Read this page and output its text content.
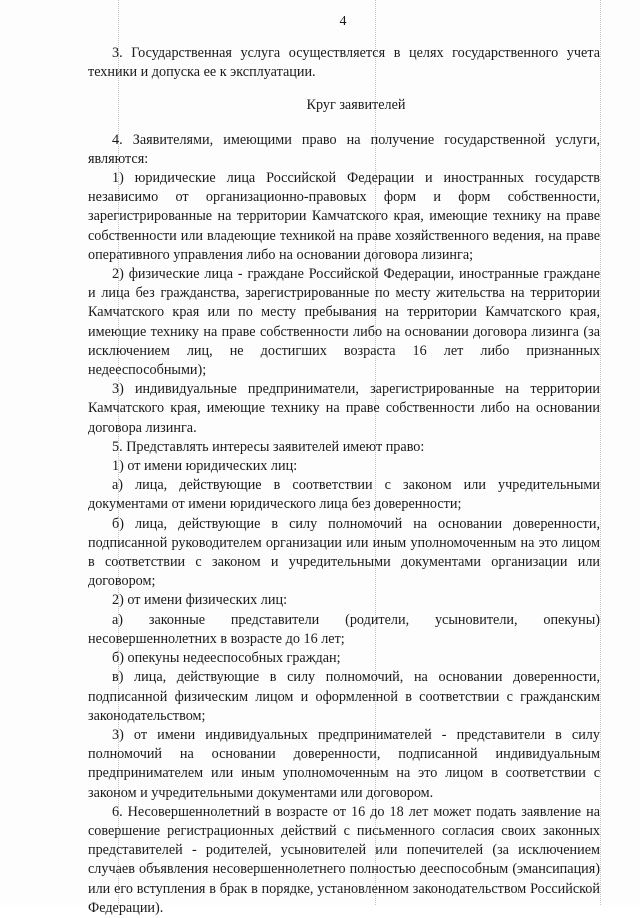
4

3. Государственная услуга осуществляется в целях государственного учета техники и допуска ее к эксплуатации.

Круг заявителей

4. Заявителями, имеющими право на получение государственной услуги, являются:

1) юридические лица Российской Федерации и иностранных государств независимо от организационно-правовых форм и форм собственности, зарегистрированные на территории Камчатского края, имеющие технику на праве собственности или владеющие техникой на праве хозяйственного ведения, на праве оперативного управления либо на основании договора лизинга;

2) физические лица - граждане Российской Федерации, иностранные граждане и лица без гражданства, зарегистрированные по месту жительства на территории Камчатского края или по месту пребывания на территории Камчатского края, имеющие технику на праве собственности либо на основании договора лизинга (за исключением лиц, не достигших возраста 16 лет либо признанных недееспособными);

3) индивидуальные предприниматели, зарегистрированные на территории Камчатского края, имеющие технику на праве собственности либо на основании договора лизинга.

5. Представлять интересы заявителей имеют право:

1) от имени юридических лиц:

а) лица, действующие в соответствии с законом или учредительными документами от имени юридического лица без доверенности;

б) лица, действующие в силу полномочий на основании доверенности, подписанной руководителем организации или иным уполномоченным на это лицом в соответствии с законом и учредительными документами организации или договором;

2) от имени физических лиц:

а) законные представители (родители, усыновители, опекуны) несовершеннолетних в возрасте до 16 лет;

б) опекуны недееспособных граждан;

в) лица, действующие в силу полномочий, на основании доверенности, подписанной физическим лицом и оформленной в соответствии с гражданским законодательством;

3) от имени индивидуальных предпринимателей - представители в силу полномочий на основании доверенности, подписанной индивидуальным предпринимателем или иным уполномоченным на это лицом в соответствии с законом и учредительными документами или договором.

6. Несовершеннолетний в возрасте от 16 до 18 лет может подать заявление на совершение регистрационных действий с письменного согласия своих законных представителей - родителей, усыновителей или попечителей (за исключением случаев объявления несовершеннолетнего полностью дееспособным (эмансипация) или его вступления в брак в порядке, установленном законодательством Российской Федерации).
